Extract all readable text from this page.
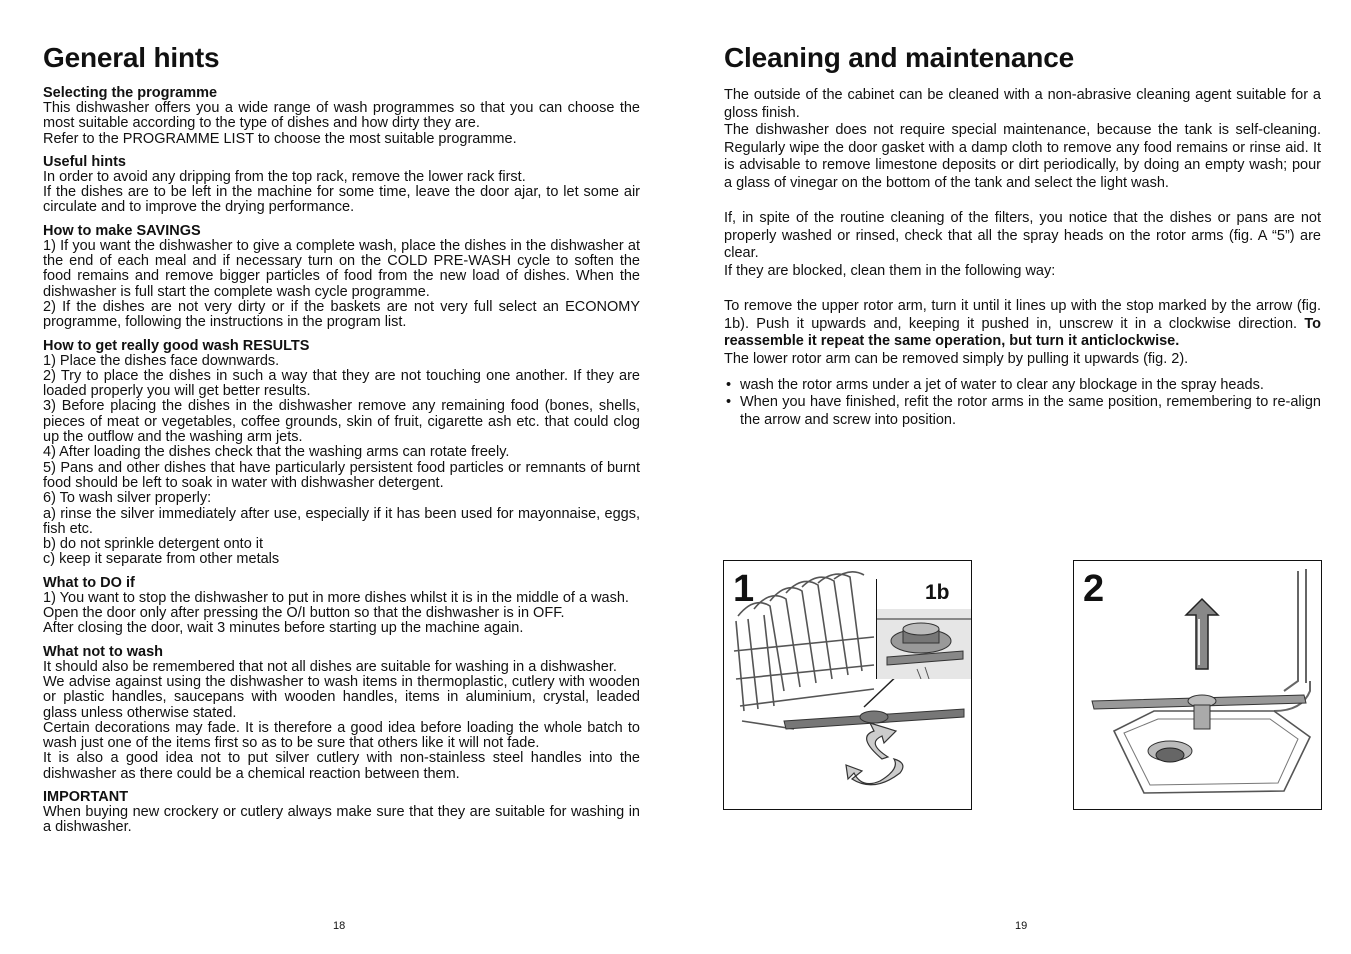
General hints
Selecting the programme

This dishwasher offers you a wide range of wash programmes so that you can choose the most suitable according to the type of dishes and how dirty they are.

Refer to the PROGRAMME LIST to choose the most suitable programme.

Useful hints

In order to avoid any dripping from the top rack, remove the lower rack first.

If the dishes are to be left in the machine for some time, leave the door ajar, to let some air circulate and to improve the drying performance.

How to make SAVINGS

1) If you want the dishwasher to give a complete wash, place the dishes in the dishwasher at the end of each meal and if necessary turn on the COLD PRE-WASH cycle to soften the food remains and remove bigger particles of food from the new load of dishes. When the dishwasher is full start the complete wash cycle programme.

2) If the dishes are not very dirty or if the baskets are not very full select an ECONOMY programme, following the instructions in the program list.

How to get really good wash RESULTS

1) Place the dishes face downwards.

2) Try to place the dishes in such a way that they are not touching one another. If they are loaded properly you will get better results.

3) Before placing the dishes in the dishwasher remove any remaining food (bones, shells, pieces of meat or vegetables, coffee grounds, skin of fruit, cigarette ash etc. that could clog up the outflow and the washing arm jets.

4) After loading the dishes check that the washing arms can rotate freely.

5) Pans and other dishes that have particularly persistent food particles or remnants of burnt food should be left to soak in water with dishwasher detergent.

6) To wash silver properly:

a) rinse the silver immediately after use, especially if it has been used for mayonnaise, eggs, fish etc.

b) do not sprinkle detergent onto it

c) keep it separate from other metals

What to DO if

1) You want to stop the dishwasher to put in more dishes whilst it is in the middle of a wash.

Open the door only after pressing the O/I button so that the dishwasher is in OFF.

After closing the door, wait 3 minutes before starting up the machine again.

What not to wash

It should also be remembered that not all dishes are suitable for washing in a dishwasher.

We advise against using the dishwasher to wash items in thermoplastic, cutlery with wooden or plastic handles, saucepans with wooden handles, items in aluminium, crystal, leaded glass unless otherwise stated.

Certain decorations may fade. It is therefore a good idea before loading the whole batch to wash just one of the items first so as to be sure that others like it will not fade.

It is also a good idea not to put silver cutlery with non-stainless steel handles into the dishwasher as there could be a chemical reaction between them.

IMPORTANT

When buying new crockery or cutlery always make sure that they are suitable for washing in a dishwasher.

18
Cleaning and maintenance

The outside of the cabinet can be cleaned with a non-abrasive cleaning agent suitable for a gloss finish.

The dishwasher does not require special maintenance, because the tank is self-cleaning. Regularly wipe the door gasket with a damp cloth to remove any food remains or rinse aid. It is advisable to remove limestone deposits or dirt periodically, by doing an empty wash; pour a glass of vinegar on the bottom of the tank and select the light wash.

If, in spite of the routine cleaning of the filters, you notice that the dishes or pans are not properly washed or rinsed, check that all the spray heads on the rotor arms (fig. A “5”) are clear.

If they are blocked, clean them in the following way:

To remove the upper rotor arm, turn it until it lines up with the stop marked by the arrow (fig. 1b). Push it upwards and, keeping it pushed in, unscrew it in a clockwise direction. To reassemble it repeat the same operation, but turn it anticlockwise.

The lower rotor arm can be removed simply by pulling it upwards (fig. 2).

• wash the rotor arms under a jet of water to clear any blockage in the spray heads.
• When you have finished, refit the rotor arms in the same position, remembering to re-align the arrow and screw into position.
1	1b	2
19
